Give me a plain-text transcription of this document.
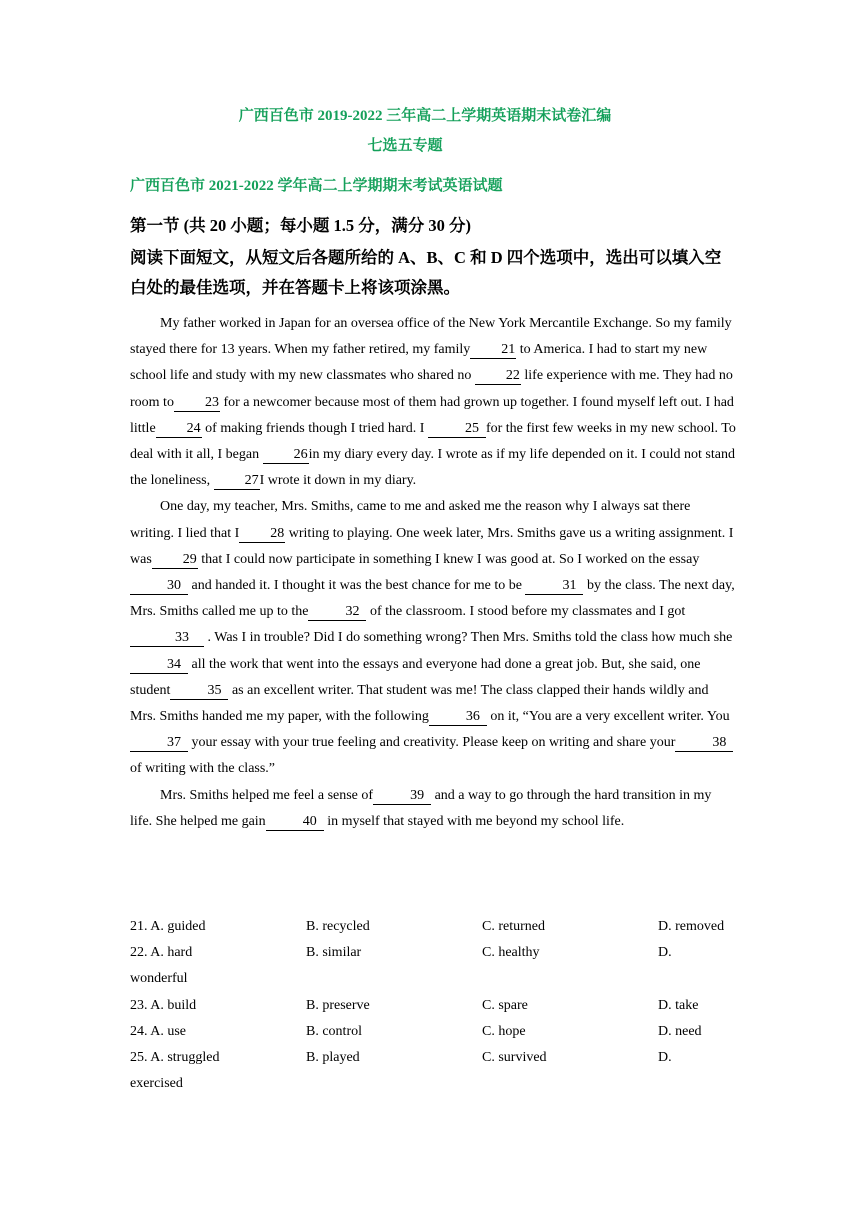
广西百色市 2019-2022 三年高二上学期英语期末试卷汇编
七选五专题
广西百色市 2021-2022 学年高二上学期期末考试英语试题
第一节 (共 20 小题；每小题 1.5 分，满分 30 分)
阅读下面短文，从短文后各题所给的 A、B、C 和 D 四个选项中，选出可以填入空白处的最佳选项，并在答题卡上将该项涂黑。

My father worked in Japan for an oversea office of the New York Mercantile Exchange. So my family stayed there for 13 years. When my father retired, my family 21 to America. I had to start my new school life and study with my new classmates who shared no 22 life experience with me. They had no room to 23 for a newcomer because most of them had grown up together. I found myself left out. I had little 24 of making friends though I tried hard. I	25 for the first few weeks in my new school. To deal with it all, I began 26in my diary every day. I wrote as if my life depended on it. I could not stand the loneliness, 27I wrote it down in my diary.

One day, my teacher, Mrs. Smiths, came to me and asked me the reason why I always sat there writing. I lied that I 28 writing to playing. One week later, Mrs. Smiths gave us a writing assignment. I was 29 that I could now participate in something I knew I was good at. So I worked on the essay 30 and handed it. I thought it was the best chance for me to be	31 by the class. The next day, Mrs. Smiths called me up to the	32 of the classroom. I stood before my classmates and I got33 . Was I in trouble? Did I do something wrong? Then Mrs. Smiths told the class how much she 34 all the work that went into the essays and everyone had done a great job. But, she said, one student	35 as an excellent writer. That student was me! The class clapped their hands wildly and Mrs. Smiths handed me my paper, with the following	36 on it, “You are a very excellent writer. You37 your essay with your true feeling and creativity. Please keep on writing and share your	38 of writing with the class.”

Mrs. Smiths helped me feel a sense of	39 and a way to go through the hard transition in my life. She helped me gain	40 in myself that stayed with me beyond my school life.

21. A. guided	B. recycled	C. returned	D. removed
22. A. hard	B. similar	C. healthy	D.
wonderful
23. A. build	B. preserve	C. spare	D. take
24. A. use	B. control	C. hope	D. need
25. A. struggled	B. played	C. survived	D.
exercised
